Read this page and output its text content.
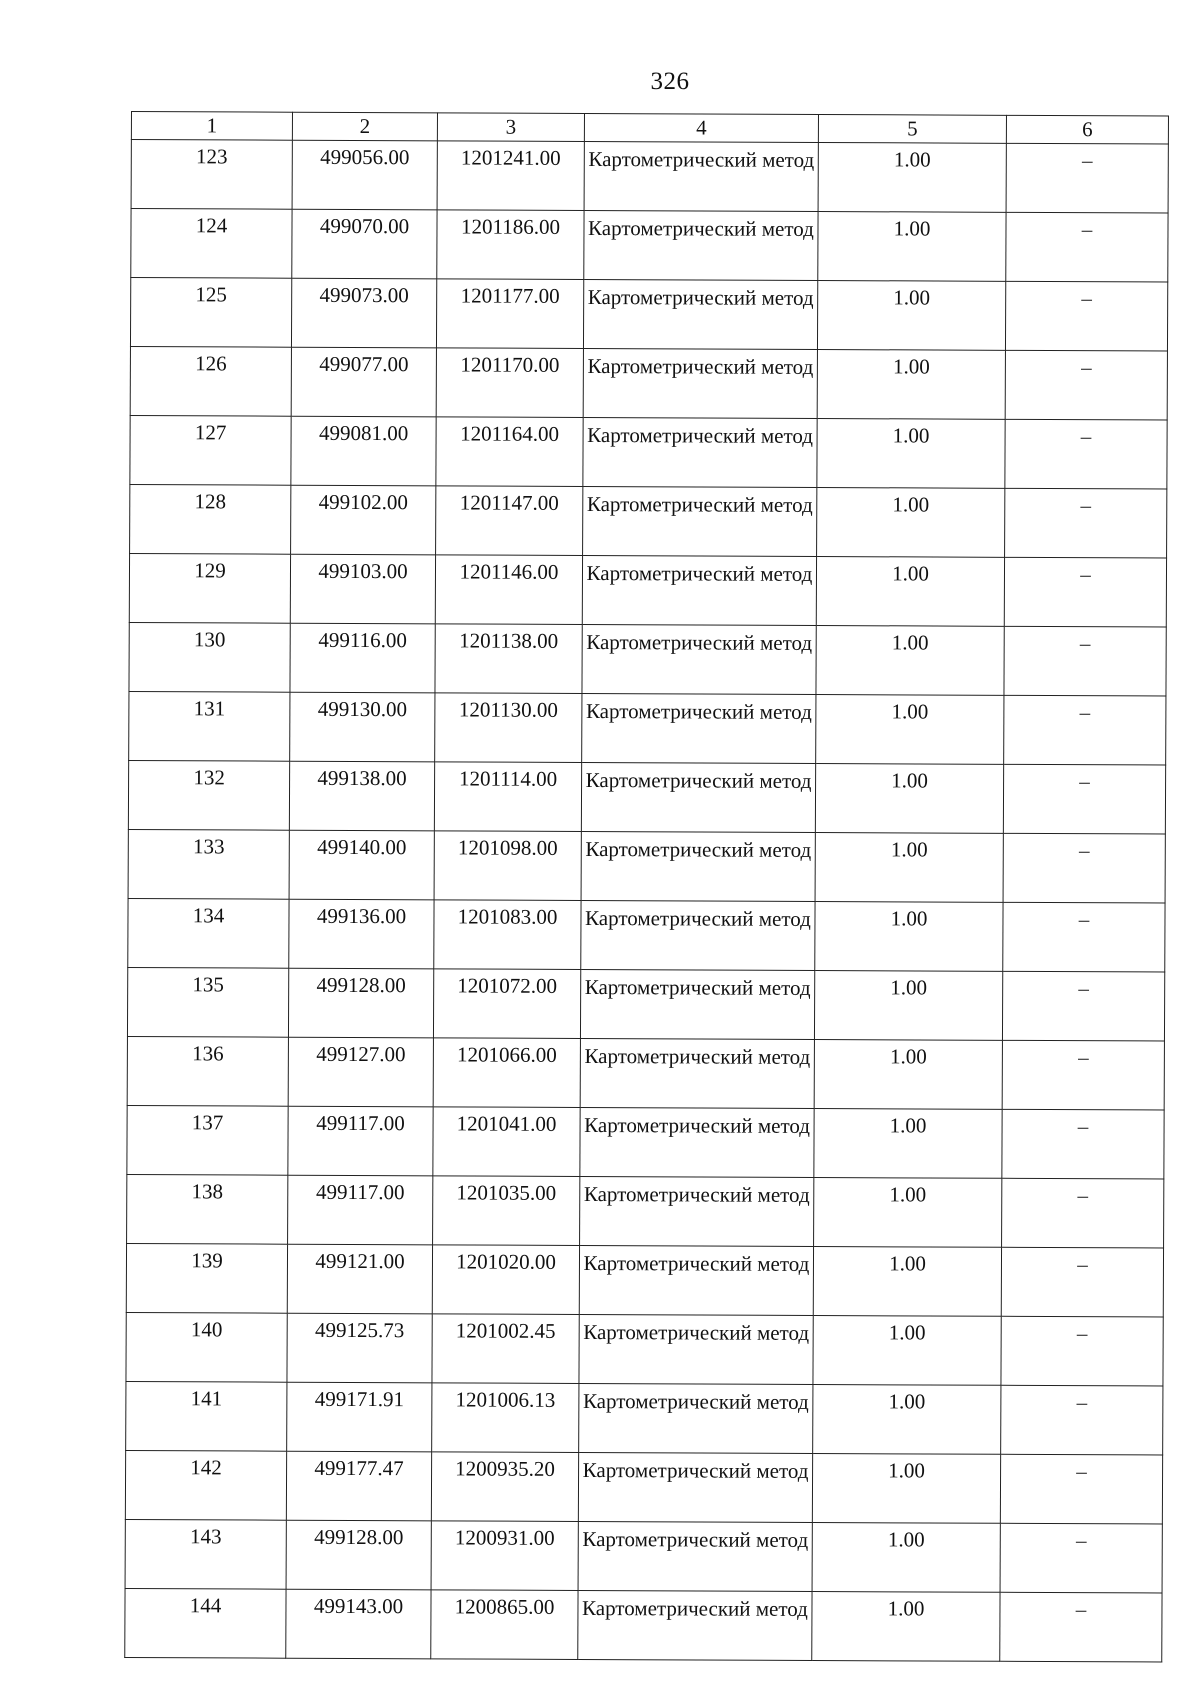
326
1	2	3	4	5	6
123	499056.00	1201241.00	Картометрический метод	1.00	–
124	499070.00	1201186.00	Картометрический метод	1.00	–
125	499073.00	1201177.00	Картометрический метод	1.00	–
126	499077.00	1201170.00	Картометрический метод	1.00	–
127	499081.00	1201164.00	Картометрический метод	1.00	–
128	499102.00	1201147.00	Картометрический метод	1.00	–
129	499103.00	1201146.00	Картометрический метод	1.00	–
130	499116.00	1201138.00	Картометрический метод	1.00	–
131	499130.00	1201130.00	Картометрический метод	1.00	–
132	499138.00	1201114.00	Картометрический метод	1.00	–
133	499140.00	1201098.00	Картометрический метод	1.00	–
134	499136.00	1201083.00	Картометрический метод	1.00	–
135	499128.00	1201072.00	Картометрический метод	1.00	–
136	499127.00	1201066.00	Картометрический метод	1.00	–
137	499117.00	1201041.00	Картометрический метод	1.00	–
138	499117.00	1201035.00	Картометрический метод	1.00	–
139	499121.00	1201020.00	Картометрический метод	1.00	–
140	499125.73	1201002.45	Картометрический метод	1.00	–
141	499171.91	1201006.13	Картометрический метод	1.00	–
142	499177.47	1200935.20	Картометрический метод	1.00	–
143	499128.00	1200931.00	Картометрический метод	1.00	–
144	499143.00	1200865.00	Картометрический метод	1.00	–
